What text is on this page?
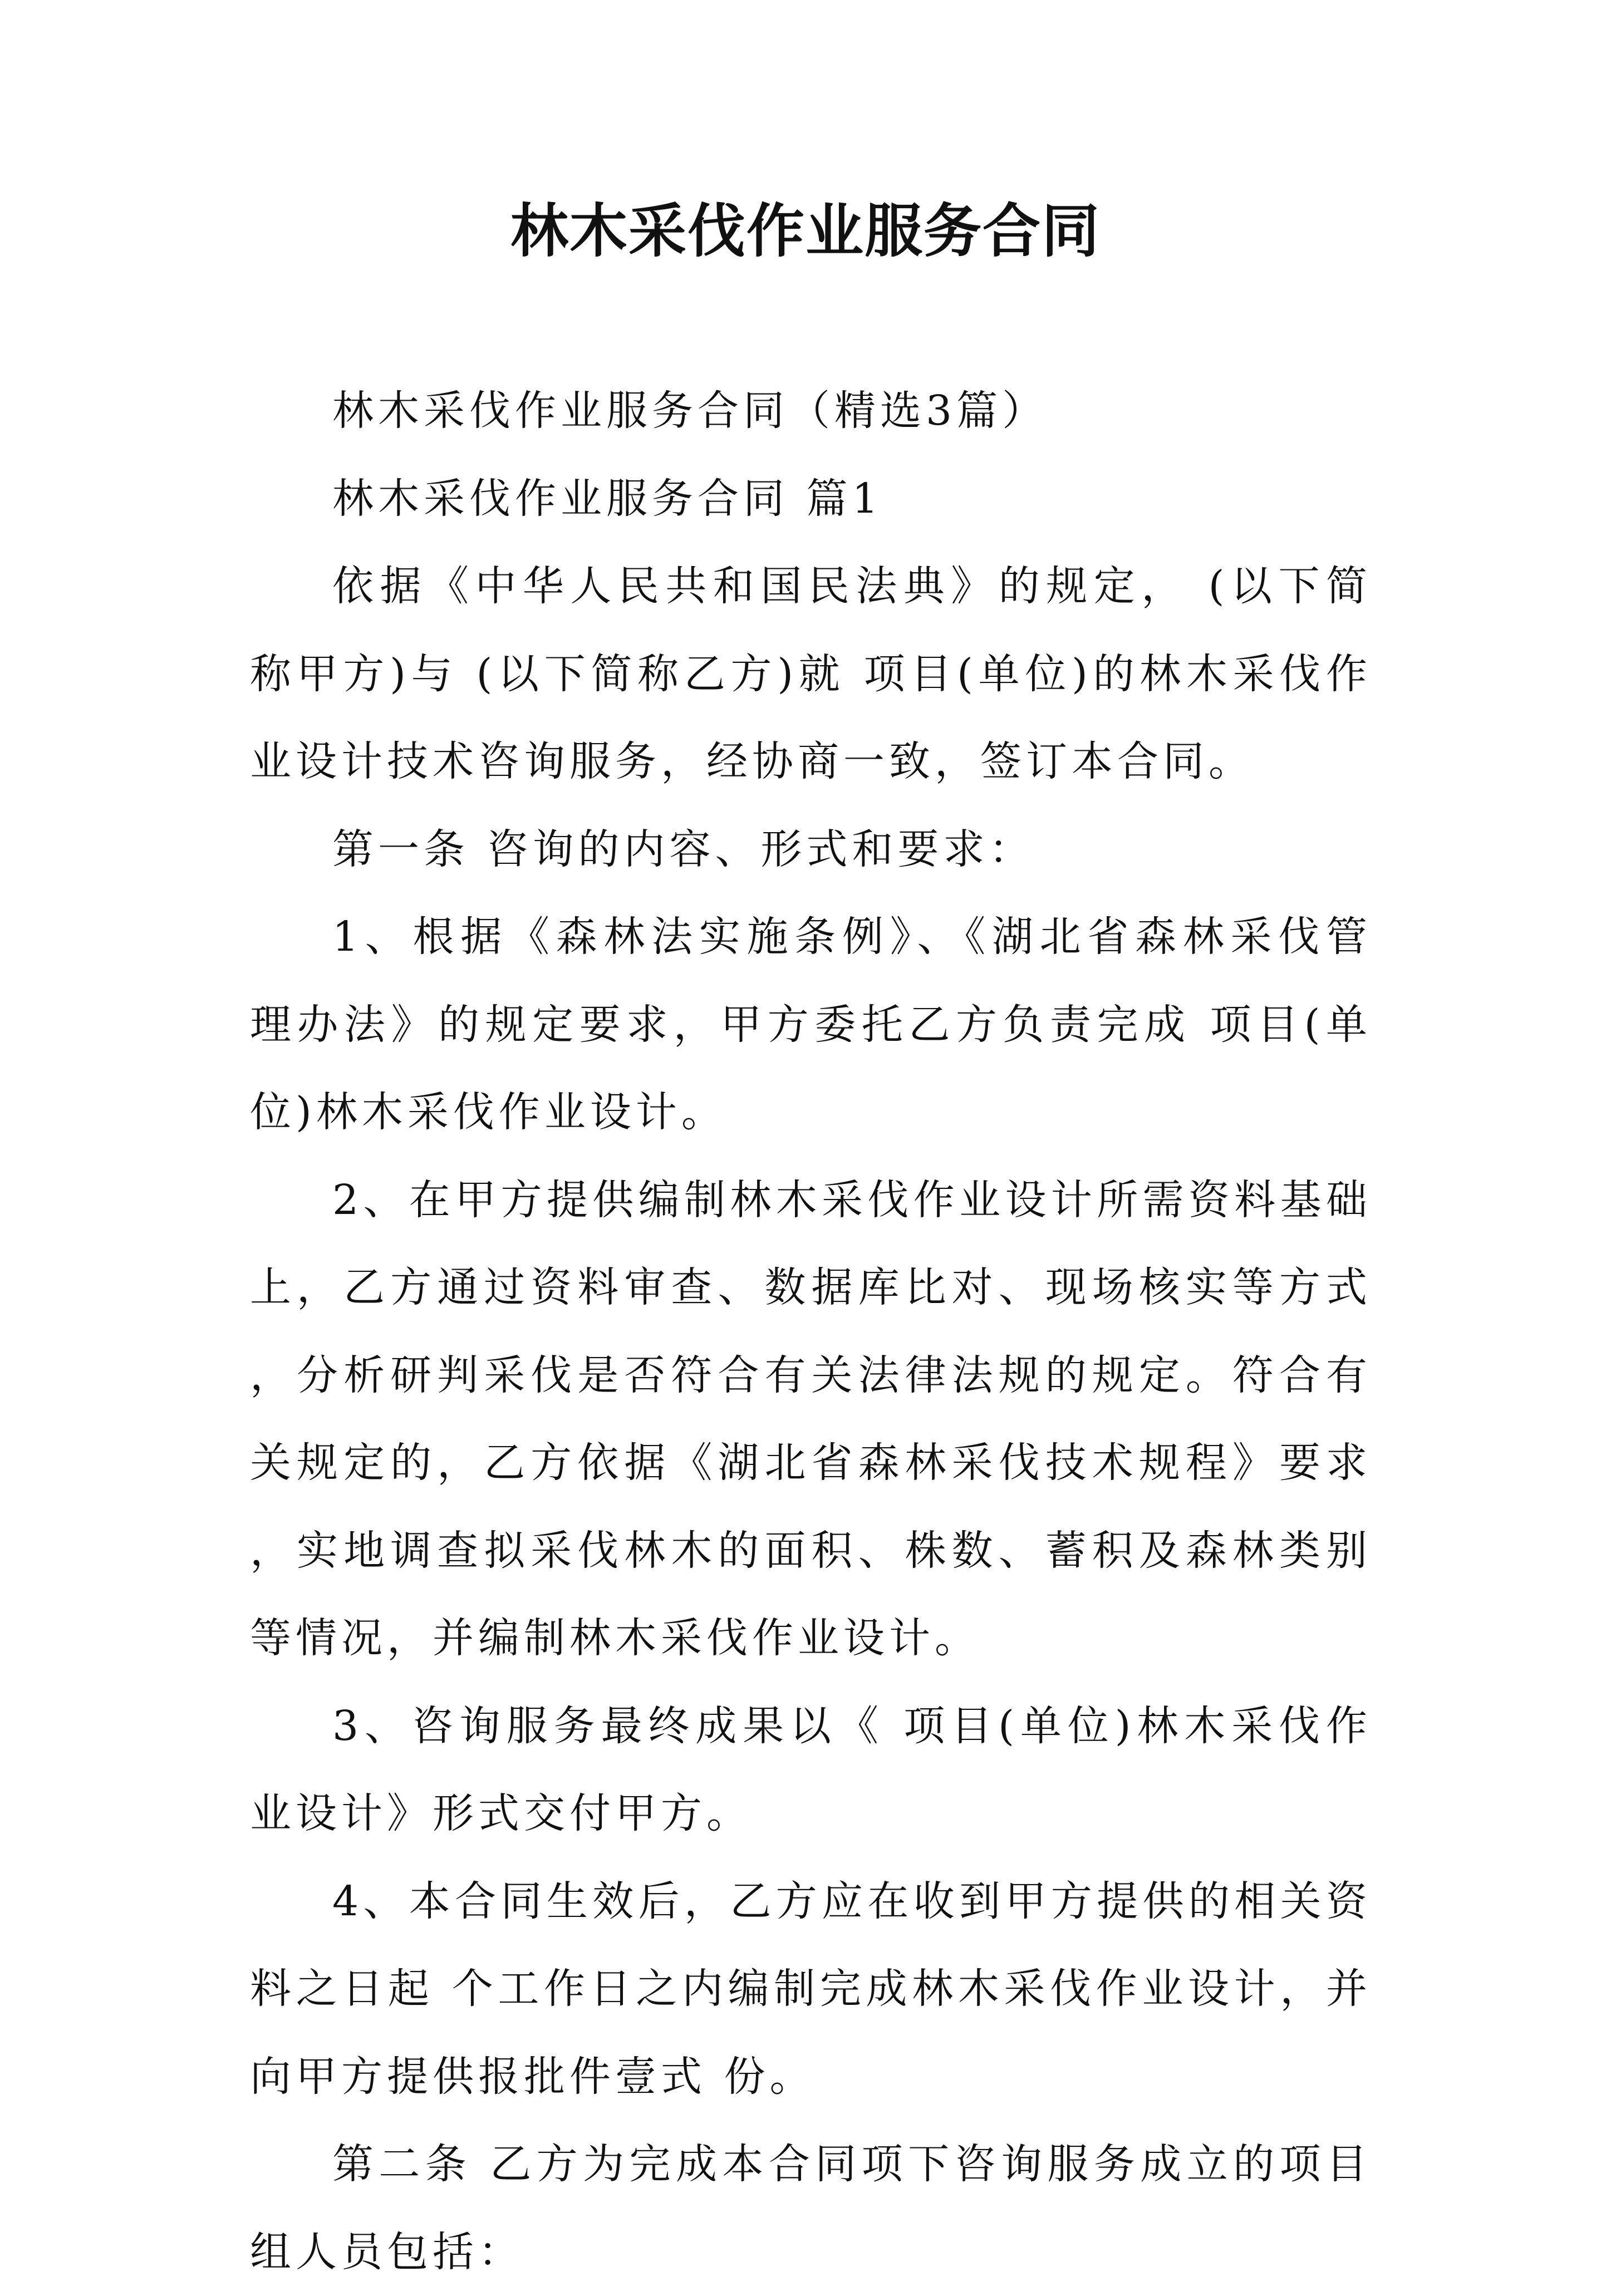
林木采伐作业服务合同

林木采伐作业服务合同（精选3篇）

林木采伐作业服务合同 篇1

依据《中华人民共和国民法典》的规定， (以下简称甲方)与 (以下简称乙方)就 项目(单位)的林木采伐作业设计技术咨询服务，经协商一致，签订本合同。

第一条 咨询的内容、形式和要求：

1、根据《森林法实施条例》、《湖北省森林采伐管理办法》的规定要求，甲方委托乙方负责完成 项目(单位)林木采伐作业设计。

2、在甲方提供编制林木采伐作业设计所需资料基础上，乙方通过资料审查、数据库比对、现场核实等方式，分析研判采伐是否符合有关法律法规的规定。符合有关规定的，乙方依据《湖北省森林采伐技术规程》要求，实地调查拟采伐林木的面积、株数、蓄积及森林类别等情况，并编制林木采伐作业设计。

3、咨询服务最终成果以《 项目(单位)林木采伐作业设计》形式交付甲方。

4、本合同生效后，乙方应在收到甲方提供的相关资料之日起 个工作日之内编制完成林木采伐作业设计，并向甲方提供报批件壹式 份。

第二条 乙方为完成本合同项下咨询服务成立的项目组人员包括：
